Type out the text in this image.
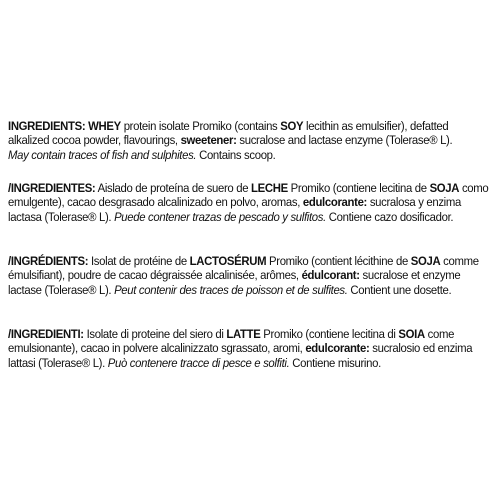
INGREDIENTS: WHEY protein isolate Promiko (contains SOY lecithin as emulsifier), defatted alkalized cocoa powder, flavourings, sweetener: sucralose and lactase enzyme (Tolerase® L).
May contain traces of fish and sulphites. Contains scoop.

/INGREDIENTES: Aislado de proteína de suero de LECHE Promiko (contiene lecitina de SOJA como emulgente), cacao desgrasado alcalinizado en polvo, aromas, edulcorante: sucralosa y enzima lactasa (Tolerase® L). Puede contener trazas de pescado y sulfitos. Contiene cazo dosificador.

/INGRÉDIENTS: Isolat de protéine de LACTOSÉRUM Promiko (contient lécithine de SOJA comme émulsifiant), poudre de cacao dégraissée alcalinisée, arômes, édulcorant: sucralose et enzyme lactase (Tolerase® L). Peut contenir des traces de poisson et de sulfites. Contient une dosette.

/INGREDIENTI: Isolate di proteine del siero di LATTE Promiko (contiene lecitina di SOIA come emulsionante), cacao in polvere alcalinizzato sgrassato, aromi, edulcorante: sucralosio ed enzima lattasi (Tolerase® L). Può contenere tracce di pesce e solfiti. Contiene misurino.
